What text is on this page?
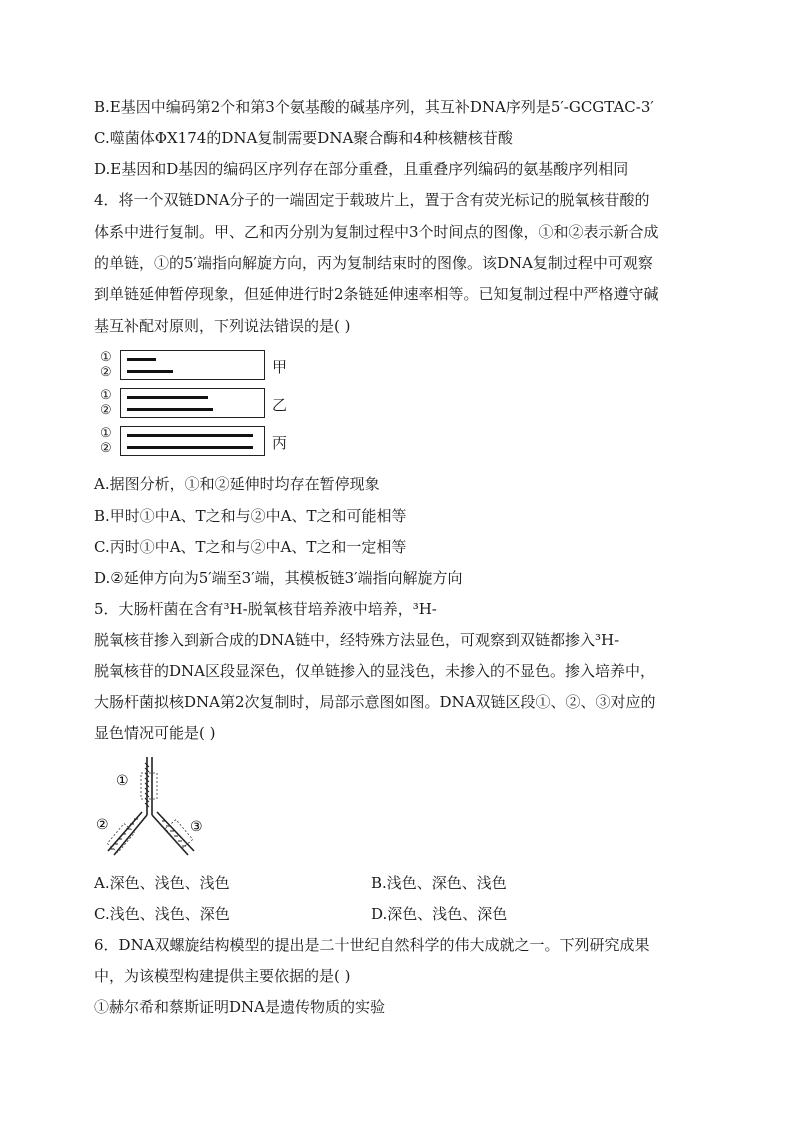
B.E基因中编码第2个和第3个氨基酸的碱基序列，其互补DNA序列是5′-GCGTAC-3′
C.噬菌体ΦX174的DNA复制需要DNA聚合酶和4种核糖核苷酸
D.E基因和D基因的编码区序列存在部分重叠，且重叠序列编码的氨基酸序列相同
4．将一个双链DNA分子的一端固定于载玻片上，置于含有荧光标记的脱氧核苷酸的
体系中进行复制。甲、乙和丙分别为复制过程中3个时间点的图像，①和②表示新合成
的单链，①的5′端指向解旋方向，丙为复制结束时的图像。该DNA复制过程中可观察
到单链延伸暂停现象，但延伸进行时2条链延伸速率相等。已知复制过程中严格遵守碱
基互补配对原则，下列说法错误的是( )
①
②	甲
①
②	乙
①
②	丙
A.据图分析，①和②延伸时均存在暂停现象
B.甲时①中A、T之和与②中A、T之和可能相等
C.丙时①中A、T之和与②中A、T之和一定相等
D.②延伸方向为5′端至3′端，其模板链3′端指向解旋方向
5．大肠杆菌在含有³H-脱氧核苷培养液中培养，³H-
脱氧核苷掺入到新合成的DNA链中，经特殊方法显色，可观察到双链都掺入³H-
脱氧核苷的DNA区段显深色，仅单链掺入的显浅色，未掺入的不显色。掺入培养中，
大肠杆菌拟核DNA第2次复制时，局部示意图如图。DNA双链区段①、②、③对应的
显色情况可能是( )
①
②	③
A.深色、浅色、浅色	B.浅色、深色、浅色
C.浅色、浅色、深色	D.深色、浅色、深色
6．DNA双螺旋结构模型的提出是二十世纪自然科学的伟大成就之一。下列研究成果
中，为该模型构建提供主要依据的是( )
①赫尔希和蔡斯证明DNA是遗传物质的实验
